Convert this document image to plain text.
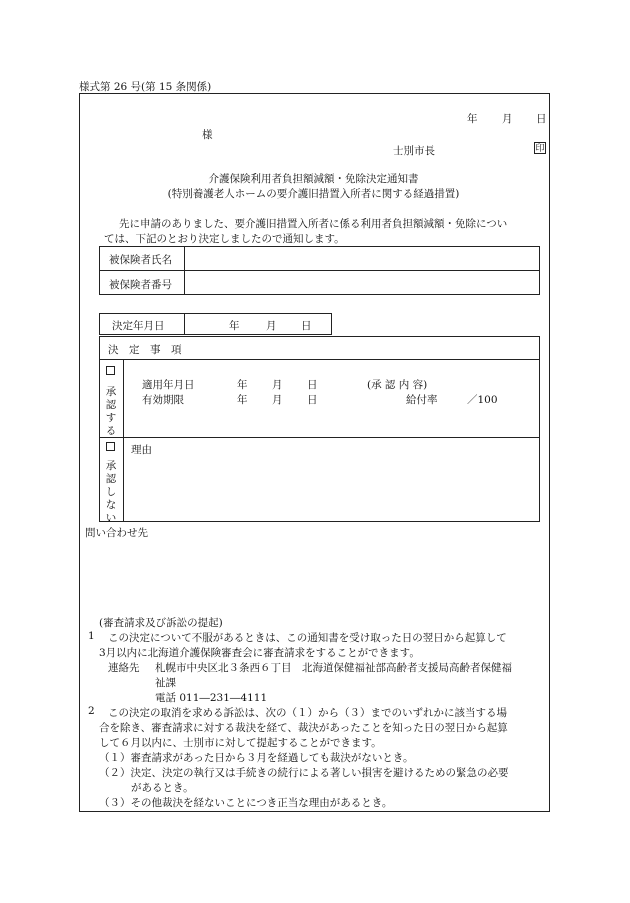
様式第 26 号(第 15 条関係)
年 月 日
様
士別市長	印
介護保険利用者負担額減額・免除決定通知書
(特別養護老人ホームの要介護旧措置入所者に関する経過措置)
先に申請のありました、要介護旧措置入所者に係る利用者負担額減額・免除につい
ては、下記のとおり決定しましたので通知します。
被保険者氏名
被保険者番号
決定年月日	年	月 日
決　定　事　項
承
認
す
る
適用年月日	年 月 日	(承 認 内 容)
有効期限	年 月 日	給付率	／100
承
認
し
な
い
理由
問い合わせ先
(審査請求及び訴訟の提起)
1 この決定について不服があるときは、この通知書を受け取った日の翌日から起算して
3月以内に北海道介護保険審査会に審査請求をすることができます。
連絡先 札幌市中央区北３条西６丁目　北海道保健福祉部高齢者支援局高齢者保健福
祉課
電話 011―231―4111
2 この決定の取消を求める訴訟は、次の（１）から（３）までのいずれかに該当する場
合を除き、審査請求に対する裁決を経て、裁決があったことを知った日の翌日から起算
して６月以内に、士別市に対して提起することができます。
（１）審査請求があった日から３月を経過しても裁決がないとき。
（２）決定、決定の執行又は手続きの続行による著しい損害を避けるための緊急の必要
があるとき。
（３）その他裁決を経ないことにつき正当な理由があるとき。
